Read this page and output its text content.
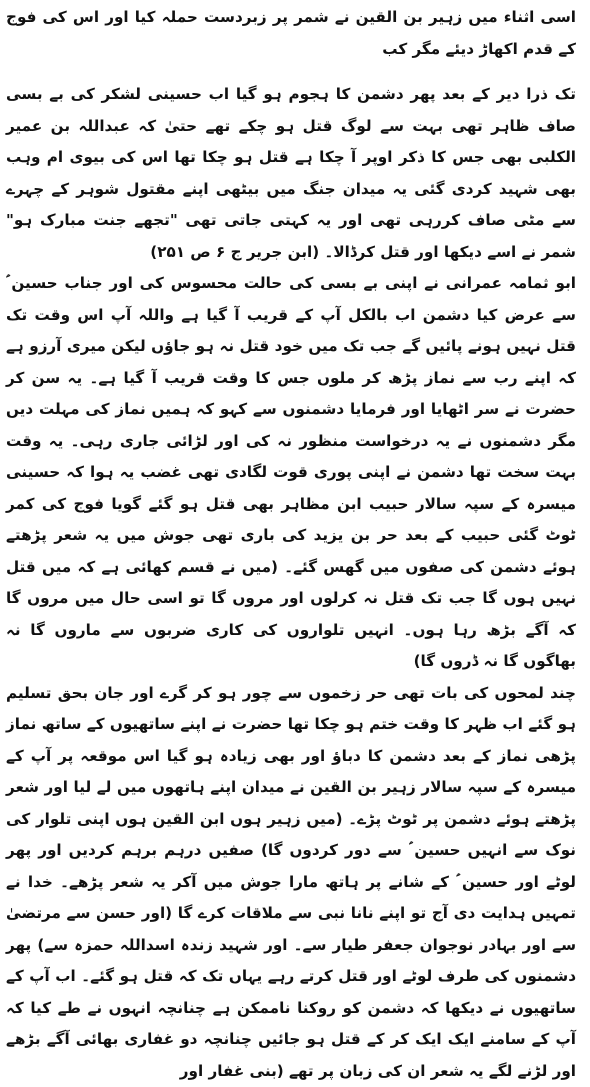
اسی اثناء میں زہیر بن القین نے شمر پر زبردست حملہ کیا اور اس کی فوج کے قدم اکھاڑ دیئے مگر کب

تک ذرا دیر کے بعد پھر دشمن کا ہجوم ہو گیا اب حسینی لشکر کی بے بسی صاف ظاہر تھی بہت سے لوگ قتل ہو چکے تھے حتیٰ کہ عبداللہ بن عمیر الکلبی بھی جس کا ذکر اوپر آ چکا ہے قتل ہو چکا تھا اس کی بیوی ام وہب بھی شہید کردی گئی یہ میدان جنگ میں بیٹھی اپنے مقتول شوہر کے چہرے سے مٹی صاف کررہی تھی اور یہ کہتی جاتی تھی "تجھے جنت مبارک ہو" شمر نے اسے دیکھا اور قتل کرڈالا۔ (ابن جریر ج ۶ ص ۲۵۱)

ابو ثمامہ عمرانی نے اپنی بے بسی کی حالت محسوس کی اور جناب حسین ؑ سے عرض کیا دشمن اب بالکل آپ کے قریب آ گیا ہے واللہ آپ اس وقت تک قتل نہیں ہونے پائیں گے جب تک میں خود قتل نہ ہو جاؤں لیکن میری آرزو ہے کہ اپنے رب سے نماز پڑھ کر ملوں جس کا وقت قریب آ گیا ہے۔ یہ سن کر حضرت نے سر اٹھایا اور فرمایا دشمنوں سے کہو کہ ہمیں نماز کی مہلت دیں مگر دشمنوں نے یہ درخواست منظور نہ کی اور لڑائی جاری رہی۔ یہ وقت بہت سخت تھا دشمن نے اپنی پوری قوت لگادی تھی غضب یہ ہوا کہ حسینی میسرہ کے سپہ سالار حبیب ابن مظاہر بھی قتل ہو گئے گویا فوج کی کمر ٹوٹ گئی حبیب کے بعد حر بن یزید کی باری تھی جوش میں یہ شعر پڑھتے ہوئے دشمن کی صفوں میں گھس گئے۔ (میں نے قسم کھائی ہے کہ میں قتل نہیں ہوں گا جب تک قتل نہ کرلوں اور مروں گا تو اسی حال میں مروں گا کہ آگے بڑھ رہا ہوں۔ انہیں تلواروں کی کاری ضربوں سے ماروں گا نہ بھاگوں گا نہ ڈروں گا)

چند لمحوں کی بات تھی حر زخموں سے چور ہو کر گرے اور جان بحق تسلیم ہو گئے اب ظہر کا وقت ختم ہو چکا تھا حضرت نے اپنے ساتھیوں کے ساتھ نماز پڑھی نماز کے بعد دشمن کا دباؤ اور بھی زیادہ ہو گیا اس موقعہ پر آپ کے میسرہ کے سپہ سالار زہیر بن القین نے میدان اپنے ہاتھوں میں لے لیا اور شعر پڑھتے ہوئے دشمن پر ٹوٹ پڑے۔ (میں زہیر ہوں ابن القین ہوں اپنی تلوار کی نوک سے انہیں حسین ؑ سے دور کردوں گا) صفیں درہم برہم کردیں اور پھر لوٹے اور حسین ؑ کے شانے پر ہاتھ مارا جوش میں آکر یہ شعر پڑھے۔ خدا نے تمہیں ہدایت دی آج تو اپنے نانا نبی سے ملاقات کرے گا (اور حسن سے مرتضیٰ سے اور بہادر نوجوان جعفر طیار سے۔ اور شہید زندہ اسداللہ حمزہ سے) پھر دشمنوں کی طرف لوٹے اور قتل کرتے رہے یہاں تک کہ قتل ہو گئے۔ اب آپ کے ساتھیوں نے دیکھا کہ دشمن کو روکنا ناممکن ہے چنانچہ انہوں نے طے کیا کہ آپ کے سامنے ایک ایک کر کے قتل ہو جائیں چنانچہ دو غفاری بھائی آگے بڑھے اور لڑنے لگے یہ شعر ان کی زبان پر تھے (بنی غفار اور
